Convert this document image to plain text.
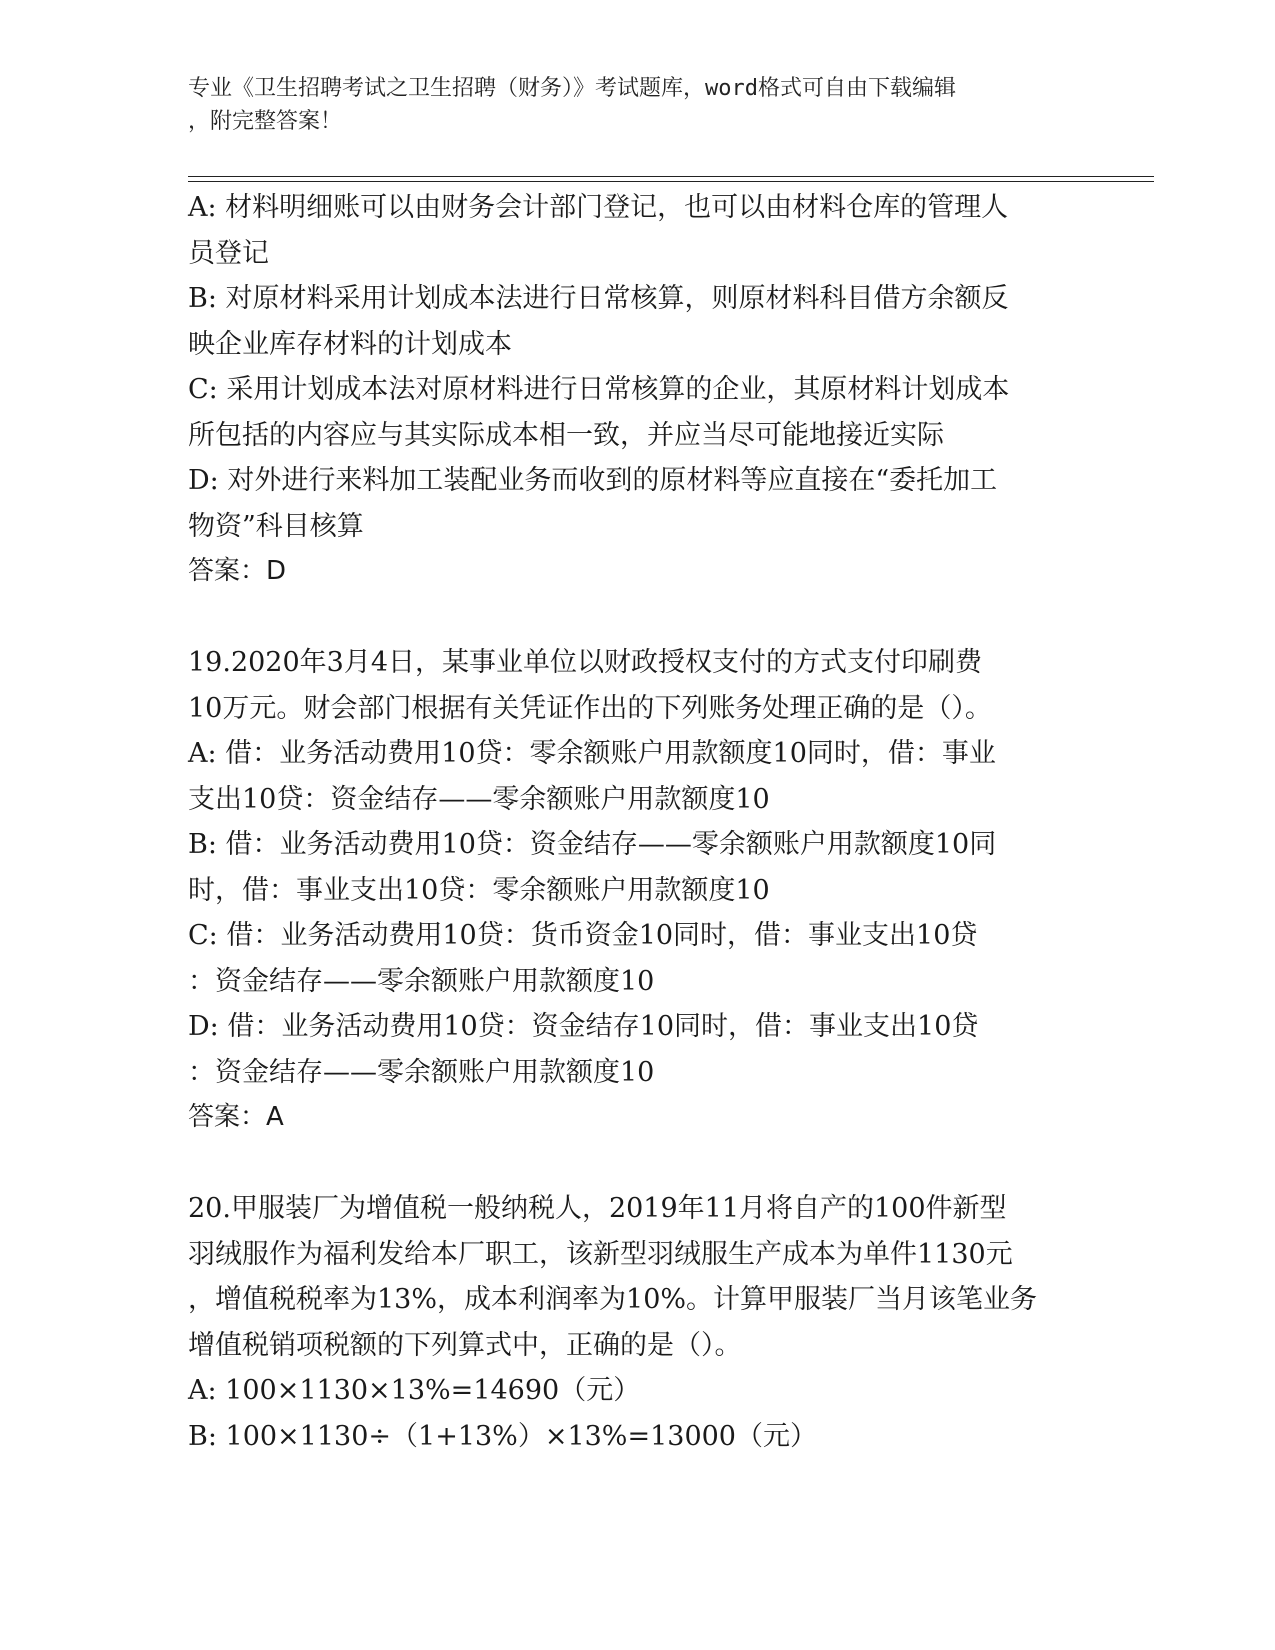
专业《卫生招聘考试之卫生招聘（财务）》考试题库，word格式可自由下载编辑
，附完整答案！
A: 材料明细账可以由财务会计部门登记，也可以由材料仓库的管理人
员登记
B: 对原材料采用计划成本法进行日常核算，则原材料科目借方余额反
映企业库存材料的计划成本
C: 采用计划成本法对原材料进行日常核算的企业，其原材料计划成本
所包括的内容应与其实际成本相一致，并应当尽可能地接近实际
D: 对外进行来料加工装配业务而收到的原材料等应直接在“委托加工
物资”科目核算
答案：D
19.2020年3月4日，某事业单位以财政授权支付的方式支付印刷费
10万元。财会部门根据有关凭证作出的下列账务处理正确的是（）。
A: 借：业务活动费用10贷：零余额账户用款额度10同时，借：事业
支出10贷：资金结存——零余额账户用款额度10
B: 借：业务活动费用10贷：资金结存——零余额账户用款额度10同
时，借：事业支出10贷：零余额账户用款额度10
C: 借：业务活动费用10贷：货币资金10同时，借：事业支出10贷
：资金结存——零余额账户用款额度10
D: 借：业务活动费用10贷：资金结存10同时，借：事业支出10贷
：资金结存——零余额账户用款额度10
答案：A
20.甲服装厂为增值税一般纳税人，2019年11月将自产的100件新型
羽绒服作为福利发给本厂职工，该新型羽绒服生产成本为单件1130元
，增值税税率为13%，成本利润率为10%。计算甲服装厂当月该笔业务
增值税销项税额的下列算式中，正确的是（）。
A: 100×1130×13%=14690（元）
B: 100×1130÷（1+13%）×13%=13000（元）
